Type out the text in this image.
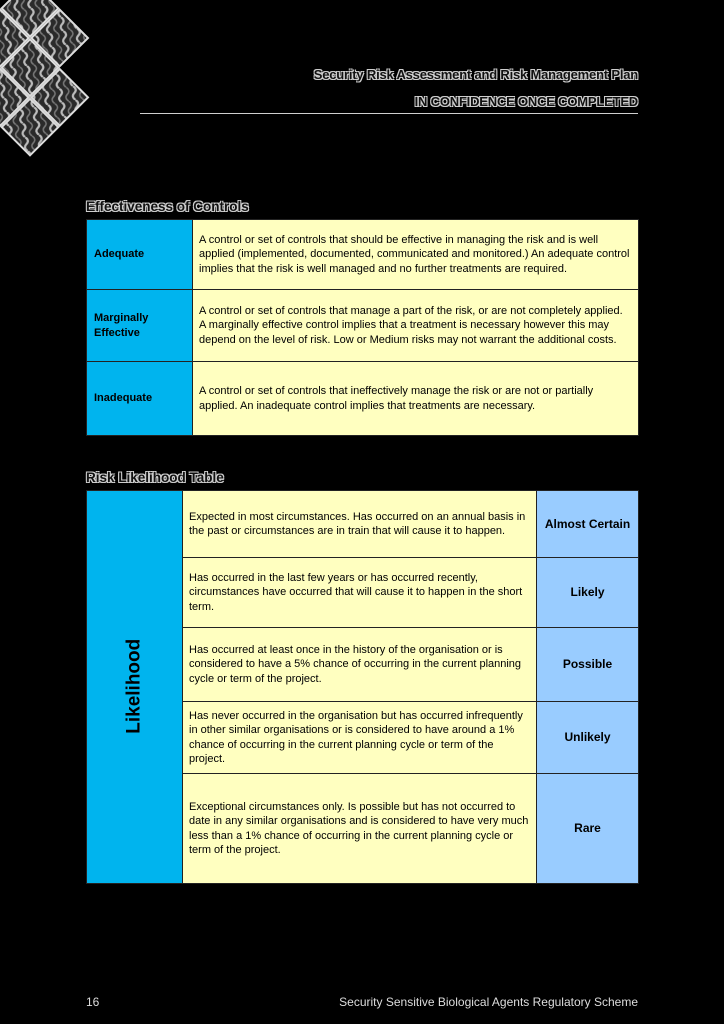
Security Risk Assessment and Risk Management Plan
IN CONFIDENCE ONCE COMPLETED
Effectiveness of Controls
Adequate	A control or set of controls that should be effective in managing the risk and is well applied (implemented, documented, communicated and monitored.) An adequate control implies that the risk is well managed and no further treatments are required.
Marginally Effective	A control or set of controls that manage a part of the risk, or are not completely applied. A marginally effective control implies that a treatment is necessary however this may depend on the level of risk. Low or Medium risks may not warrant the additional costs.
Inadequate	A control or set of controls that ineffectively manage the risk or are not or partially applied. An inadequate control implies that treatments are necessary.
Risk Likelihood Table
Likelihood	Expected in most circumstances. Has occurred on an annual basis in the past or circumstances are in train that will cause it to happen.	Almost Certain
	Has occurred in the last few years or has occurred recently, circumstances have occurred that will cause it to happen in the short term.	Likely
	Has occurred at least once in the history of the organisation or is considered to have a 5% chance of occurring in the current planning cycle or term of the project.	Possible
	Has never occurred in the organisation but has occurred infrequently in other similar organisations or is considered to have around a 1% chance of occurring in the current planning cycle or term of the project.	Unlikely
	Exceptional circumstances only. Is possible but has not occurred to date in any similar organisations and is considered to have very much less than a 1% chance of occurring in the current planning cycle or term of the project.	Rare
16	Security Sensitive Biological Agents Regulatory Scheme
